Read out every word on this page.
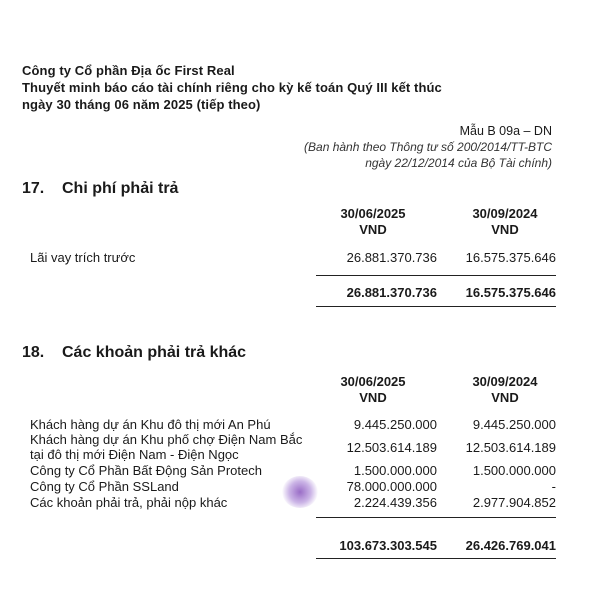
Công ty Cổ phần Địa ốc First Real
Thuyết minh báo cáo tài chính riêng cho kỳ kế toán Quý III kết thúc
ngày 30 tháng 06 năm 2025 (tiếp theo)
Mẫu B 09a – DN
(Ban hành theo Thông tư số 200/2014/TT-BTC
ngày 22/12/2014 của Bộ Tài chính)
17. Chi phí phải trả
30/06/2025
VND
30/09/2024
VND
Lãi vay trích trước	26.881.370.736	16.575.375.646
26.881.370.736	16.575.375.646
18. Các khoản phải trả khác
30/06/2025
VND
30/09/2024
VND
Khách hàng dự án Khu đô thị mới An Phú	9.445.250.000	9.445.250.000
Khách hàng dự án Khu phố chợ Điện Nam Bắc
tại đô thị mới Điện Nam - Điện Ngọc	12.503.614.189	12.503.614.189
Công ty Cổ Phần Bất Động Sản Protech	1.500.000.000	1.500.000.000
Công ty Cổ Phần SSLand	78.000.000.000	-
Các khoản phải trả, phải nộp khác	2.224.439.356	2.977.904.852
103.673.303.545	26.426.769.041
